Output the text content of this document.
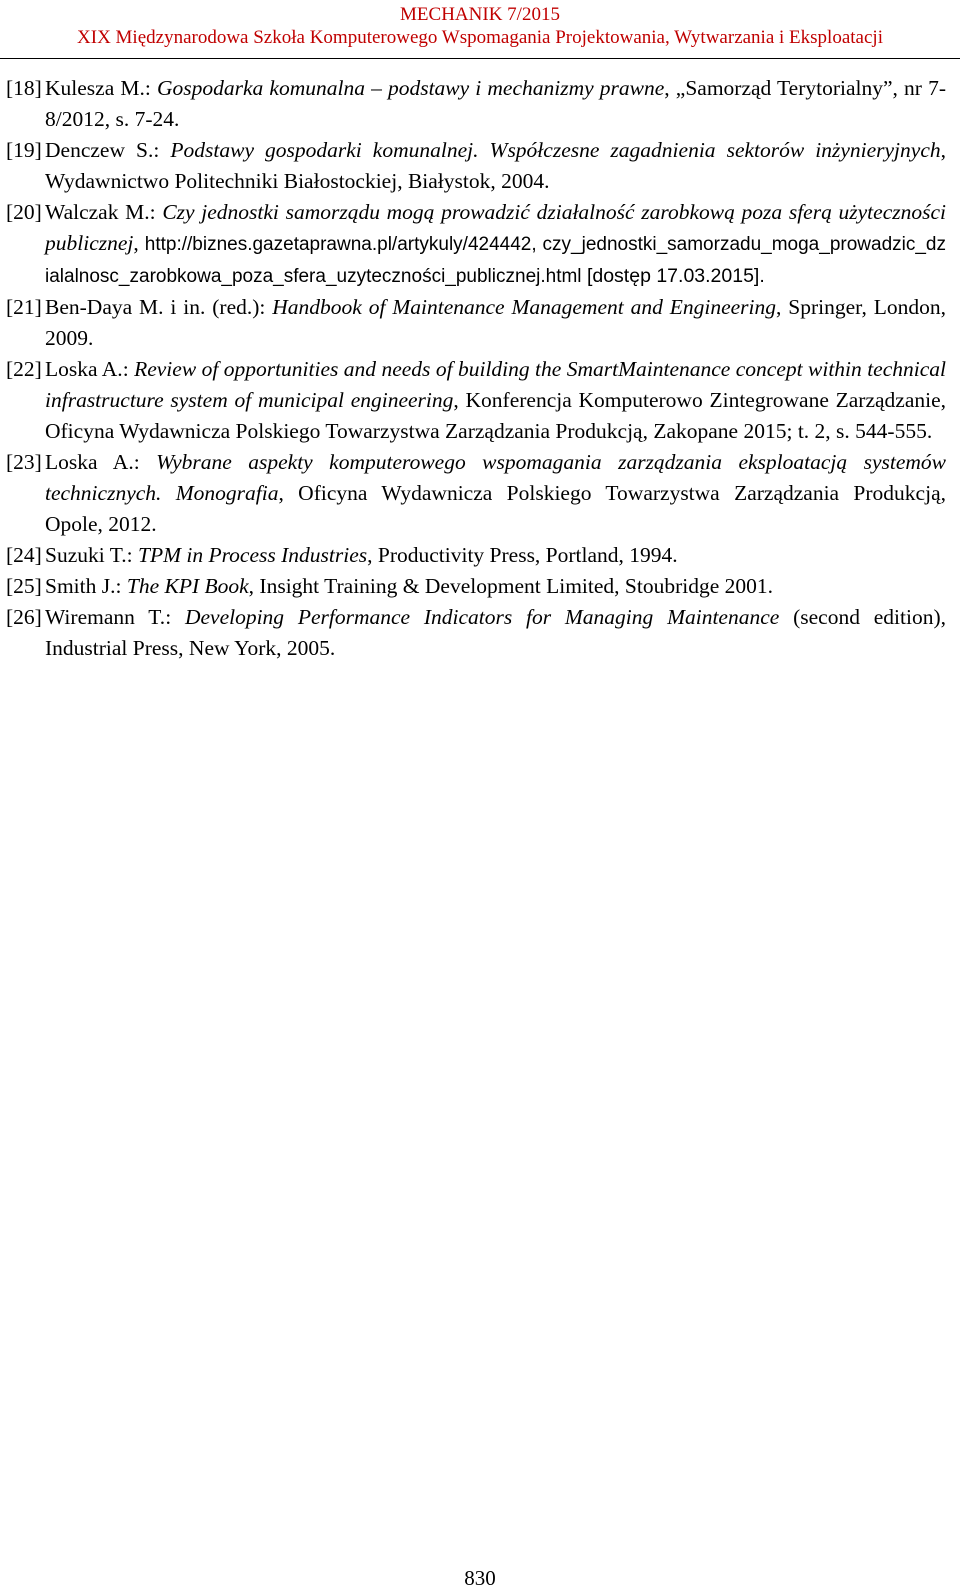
MECHANIK 7/2015
XIX Międzynarodowa Szkoła Komputerowego Wspomagania Projektowania, Wytwarzania i Eksploatacji
[18] Kulesza M.: Gospodarka komunalna – podstawy i mechanizmy prawne, „Samorząd Terytorialny”, nr 7-8/2012, s. 7-24.
[19] Denczew S.: Podstawy gospodarki komunalnej. Współczesne zagadnienia sektorów inżynieryjnych, Wydawnictwo Politechniki Białostockiej, Białystok, 2004.
[20] Walczak M.: Czy jednostki samorządu mogą prowadzić działalność zarobkową poza sferą użyteczności publicznej, http://biznes.gazetaprawna.pl/artykuly/424442, czy_jednostki_samorzadu_moga_prowadzic_dzialalnosc_zarobkowa_poza_sfera_uzyteczności_publicznej.html [dostęp 17.03.2015].
[21] Ben-Daya M. i in. (red.): Handbook of Maintenance Management and Engineering, Springer, London, 2009.
[22] Loska A.: Review of opportunities and needs of building the SmartMaintenance concept within technical infrastructure system of municipal engineering, Konferencja Komputerowo Zintegrowane Zarządzanie, Oficyna Wydawnicza Polskiego Towarzystwa Zarządzania Produkcją, Zakopane 2015; t. 2, s. 544-555.
[23] Loska A.: Wybrane aspekty komputerowego wspomagania zarządzania eksploatacją systemów technicznych. Monografia, Oficyna Wydawnicza Polskiego Towarzystwa Zarządzania Produkcją, Opole, 2012.
[24] Suzuki T.: TPM in Process Industries, Productivity Press, Portland, 1994.
[25] Smith J.: The KPI Book, Insight Training & Development Limited, Stoubridge 2001.
[26] Wiremann T.: Developing Performance Indicators for Managing Maintenance (second edition), Industrial Press, New York, 2005.
830
